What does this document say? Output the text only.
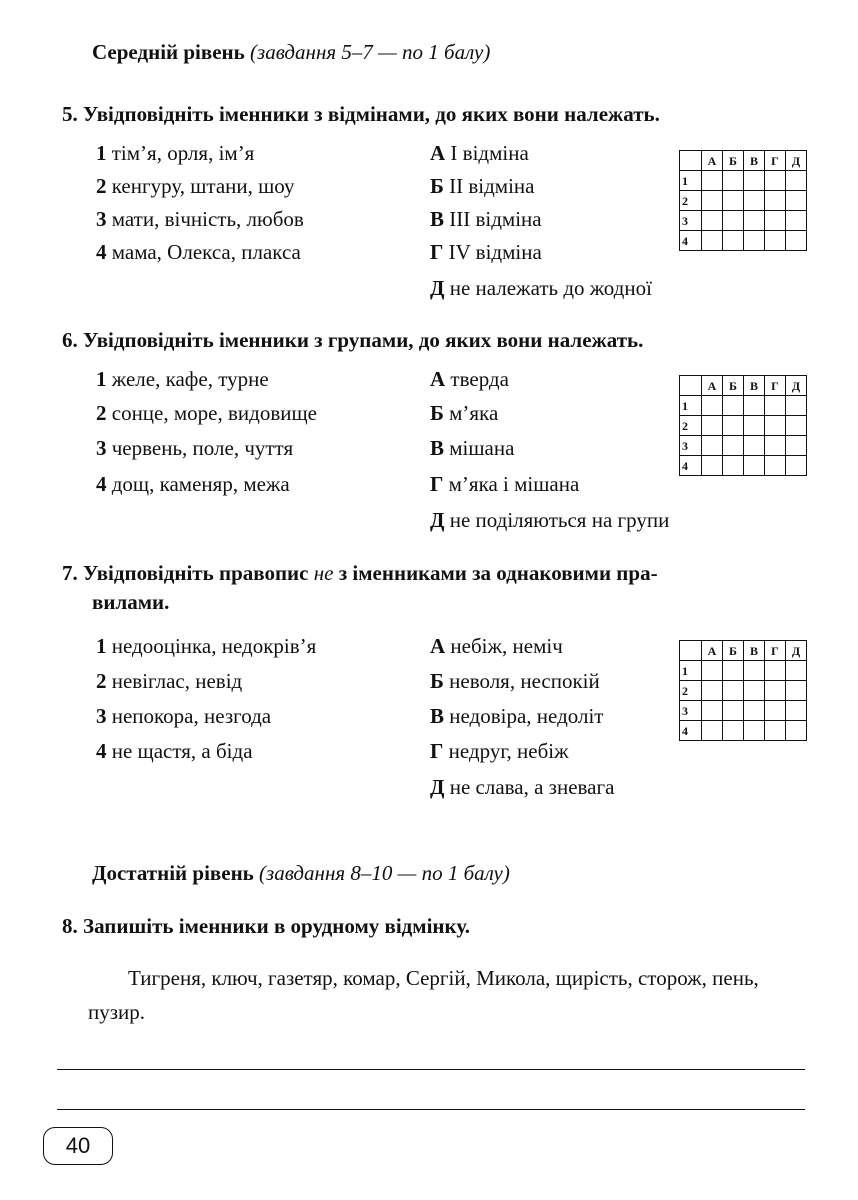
Середній рівень (завдання 5–7 — по 1 балу)
5. Увідповідніть іменники з відмінами, до яких вони належать.
1 тім’я, орля, ім’я
2 кенгуру, штани, шоу
3 мати, вічність, любов
4 мама, Олекса, плакса
А I відміна
Б II відміна
В III відміна
Г IV відміна
Д не належать до жодної
	А	Б	В	Г	Д
1					
2					
3					
4					
6. Увідповідніть іменники з групами, до яких вони належать.
1 желе, кафе, турне
2 сонце, море, видовище
3 червень, поле, чуття
4 дощ, каменяр, межа
А тверда
Б м’яка
В мішана
Г м’яка і мішана
Д не поділяються на групи
	А	Б	В	Г	Д
1					
2					
3					
4					
7. Увідповідніть правопис не з іменниками за однаковими пра-
вилами.
1 недооцінка, недокрів’я
2 невіглас, невід
3 непокора, незгода
4 не щастя, а біда
А небіж, неміч
Б неволя, неспокій
В недовіра, недоліт
Г недруг, небіж
Д не слава, а зневага
	А	Б	В	Г	Д
1					
2					
3					
4					
Достатній рівень (завдання 8–10 — по 1 балу)
8. Запишіть іменники в орудному відмінку.
Тигреня, ключ, газетяр, комар, Сергій, Микола, щирість, сторож, пень, пузир.
40
